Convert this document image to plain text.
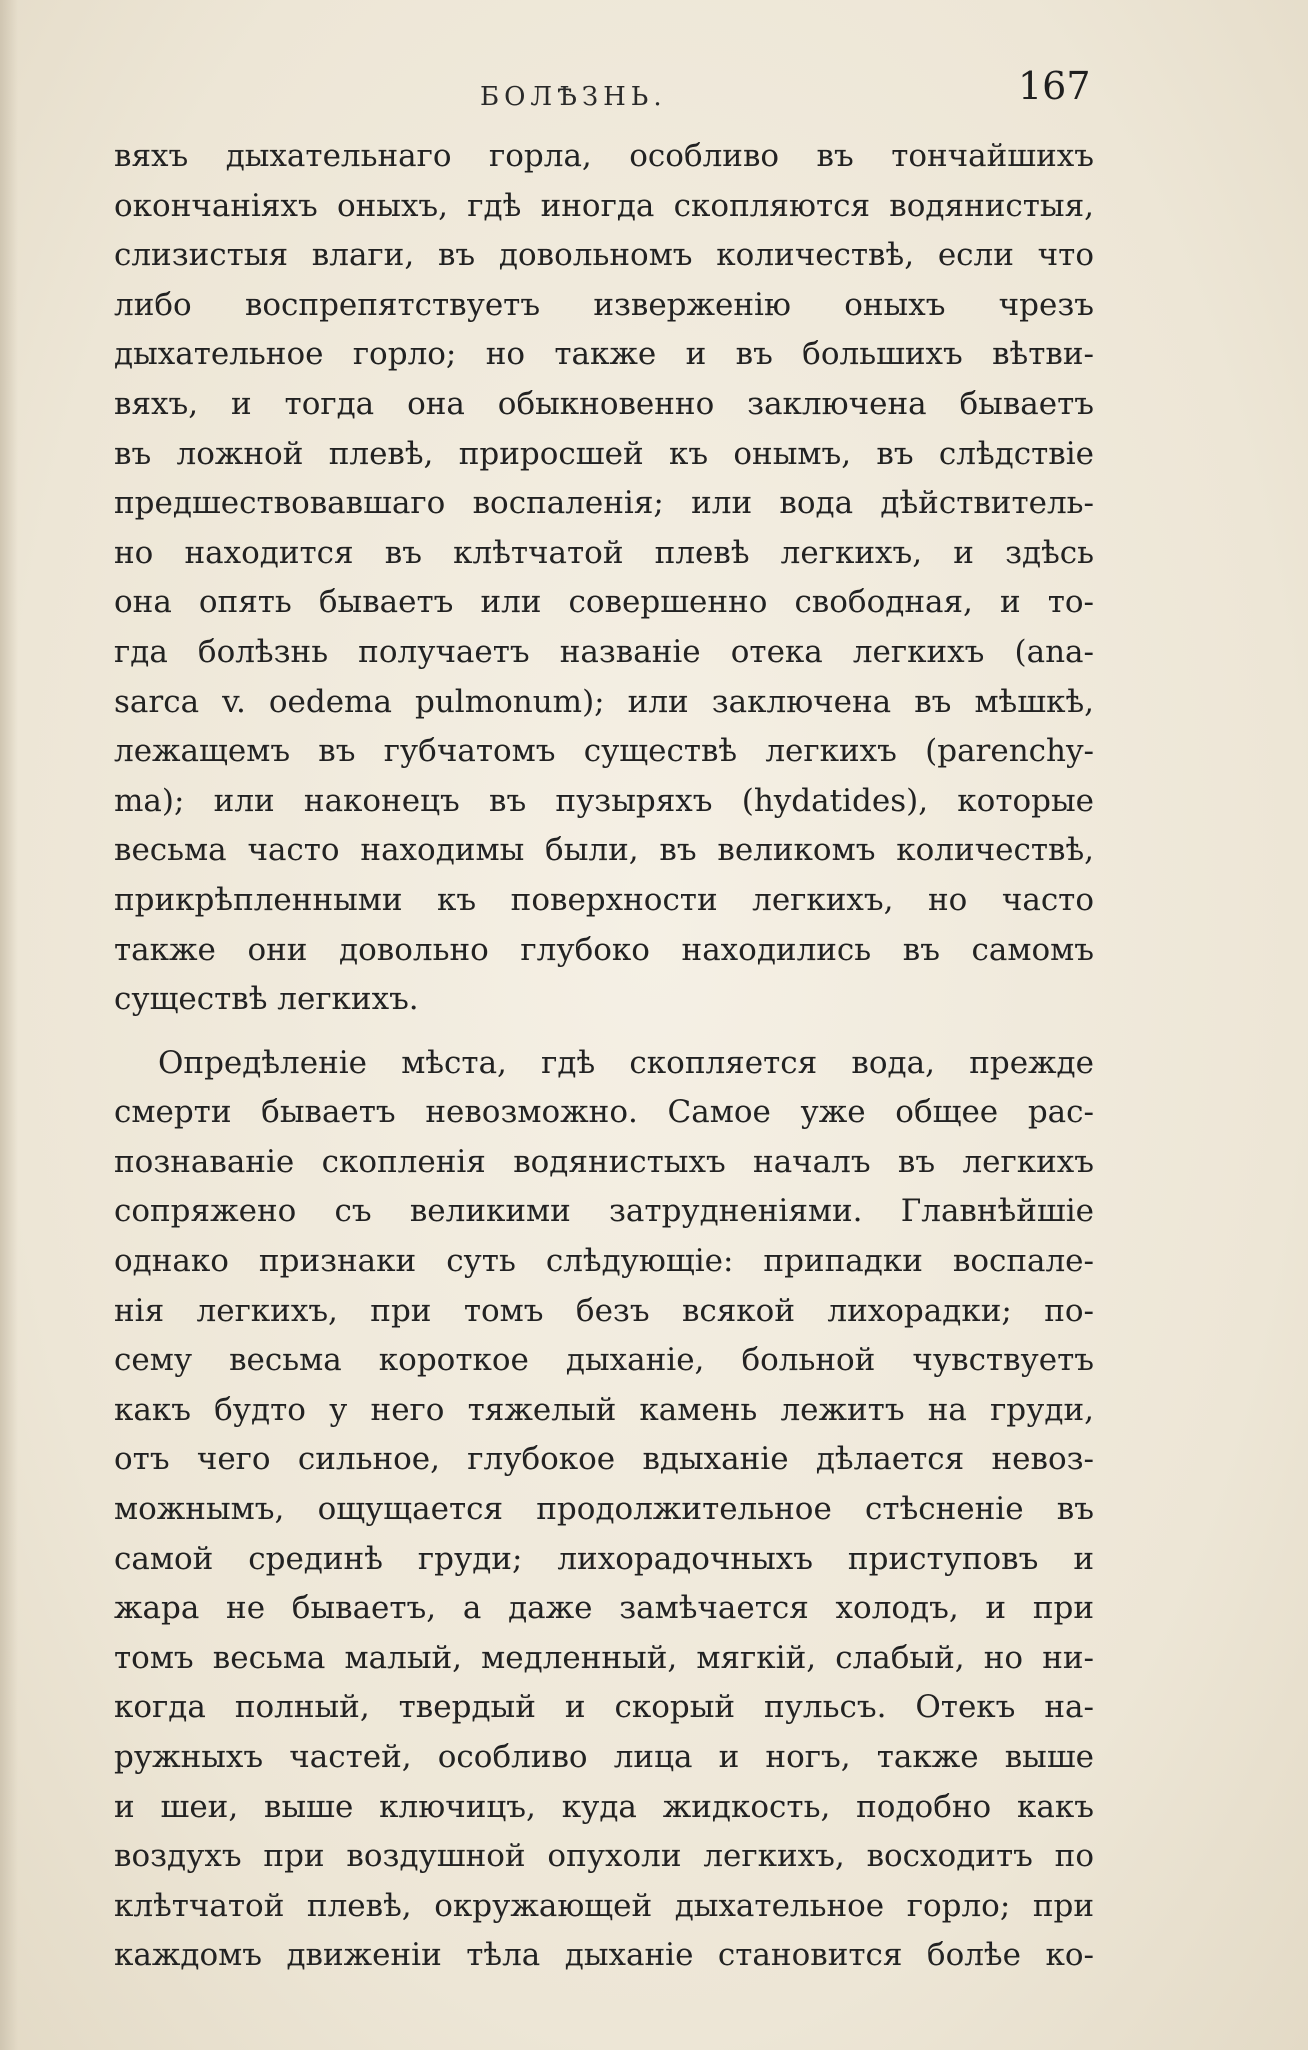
БОЛѢЗНЬ.	167
вяхъ дыхательнаго горла, особливо въ тончайшихъ
окончаніяхъ оныхъ, гдѣ иногда скопляются водянистыя,
слизистыя влаги, въ довольномъ количествѣ, если что
либо воспрепятствуетъ изверженію оныхъ чрезъ
дыхательное горло; но также и въ большихъ вѣтви-
вяхъ, и тогда она обыкновенно заключена бываетъ
въ ложной плевѣ, приросшей къ онымъ, въ слѣдствіе
предшествовавшаго воспаленія; или вода дѣйствитель-
но находится въ клѣтчатой плевѣ легкихъ, и здѣсь
она опять бываетъ или совершенно свободная, и то-
гда болѣзнь получаетъ названіе отека легкихъ (ana-
sarca v. oedema pulmonum); или заключена въ мѣшкѣ,
лежащемъ въ губчатомъ существѣ легкихъ (parenchy-
ma); или наконецъ въ пузыряхъ (hydatides), которые
весьма часто находимы были, въ великомъ количествѣ,
прикрѣпленными къ поверхности легкихъ, но часто
также они довольно глубоко находились въ самомъ
существѣ легкихъ.
Опредѣленіе мѣста, гдѣ скопляется вода, прежде
смерти бываетъ невозможно. Самое уже общее рас-
познаваніе скопленія водянистыхъ началъ въ легкихъ
сопряжено съ великими затрудненіями. Главнѣйшіе
однако признаки суть слѣдующіе: припадки воспале-
нія легкихъ, при томъ безъ всякой лихорадки; по-
сему весьма короткое дыханіе, больной чувствуетъ
какъ будто у него тяжелый камень лежитъ на груди,
отъ чего сильное, глубокое вдыханіе дѣлается невоз-
можнымъ, ощущается продолжительное стѣсненіе въ
самой срединѣ груди; лихорадочныхъ приступовъ и
жара не бываетъ, а даже замѣчается холодъ, и при
томъ весьма малый, медленный, мягкій, слабый, но ни-
когда полный, твердый и скорый пульсъ. Отекъ на-
ружныхъ частей, особливо лица и ногъ, также выше
и шеи, выше ключицъ, куда жидкость, подобно какъ
воздухъ при воздушной опухоли легкихъ, восходитъ по
клѣтчатой плевѣ, окружающей дыхательное горло; при
каждомъ движеніи тѣла дыханіе становится болѣе ко-
